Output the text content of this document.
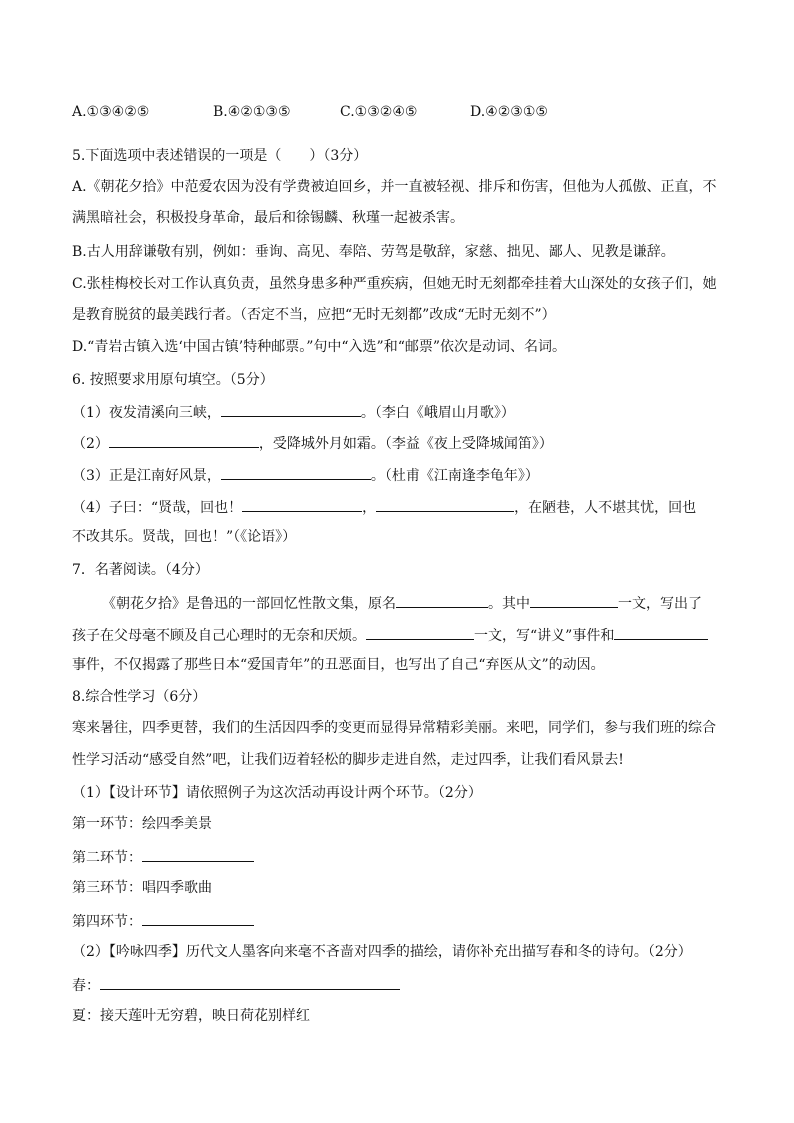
A.①③④②⑤	B.④②①③⑤	C.①③②④⑤	D.④②③①⑤
5.下面选项中表述错误的一项是（　　）（3分）
A.《朝花夕拾》中范爱农因为没有学费被迫回乡，并一直被轻视、排斥和伤害，但他为人孤傲、正直，不
满黑暗社会，积极投身革命，最后和徐锡麟、秋瑾一起被杀害。
B.古人用辞谦敬有别，例如：垂询、高见、奉陪、劳驾是敬辞，家慈、拙见、鄙人、见教是谦辞。
C.张桂梅校长对工作认真负责，虽然身患多种严重疾病，但她无时无刻都牵挂着大山深处的女孩子们，她
是教育脱贫的最美践行者。（否定不当，应把“无时无刻都”改成“无时无刻不”）
D.“青岩古镇入选‘中国古镇’特种邮票。”句中“入选”和“邮票”依次是动词、名词。
6. 按照要求用原句填空。（5分）
（1）夜发清溪向三峡，	。（李白《峨眉山月歌》）
（2）	，受降城外月如霜。（李益《夜上受降城闻笛》）
（3）正是江南好风景，	。（杜甫《江南逢李龟年》）
（4）子曰：“贤哉，回也！	，	，在陋巷，人不堪其忧，回也
不改其乐。贤哉，回也！”（《论语》）
7．名著阅读。（4分）
《朝花夕拾》是鲁迅的一部回忆性散文集，原名	。其中	一文，写出了
孩子在父母毫不顾及自己心理时的无奈和厌烦。	一文，写“讲义”事件和
事件，不仅揭露了那些日本“爱国青年”的丑恶面目，也写出了自己“弃医从文”的动因。
8.综合性学习（6分）
寒来暑往，四季更替，我们的生活因四季的变更而显得异常精彩美丽。来吧，同学们，参与我们班的综合
性学习活动“感受自然”吧，让我们迈着轻松的脚步走进自然，走过四季，让我们看风景去!
（1）【设计环节】请依照例子为这次活动再设计两个环节。（2分）
第一环节：绘四季美景
第二环节：
第三环节：唱四季歌曲
第四环节：
（2）【吟咏四季】历代文人墨客向来毫不吝啬对四季的描绘，请你补充出描写春和冬的诗句。（2分）
春：
夏：接天莲叶无穷碧，映日荷花别样红
